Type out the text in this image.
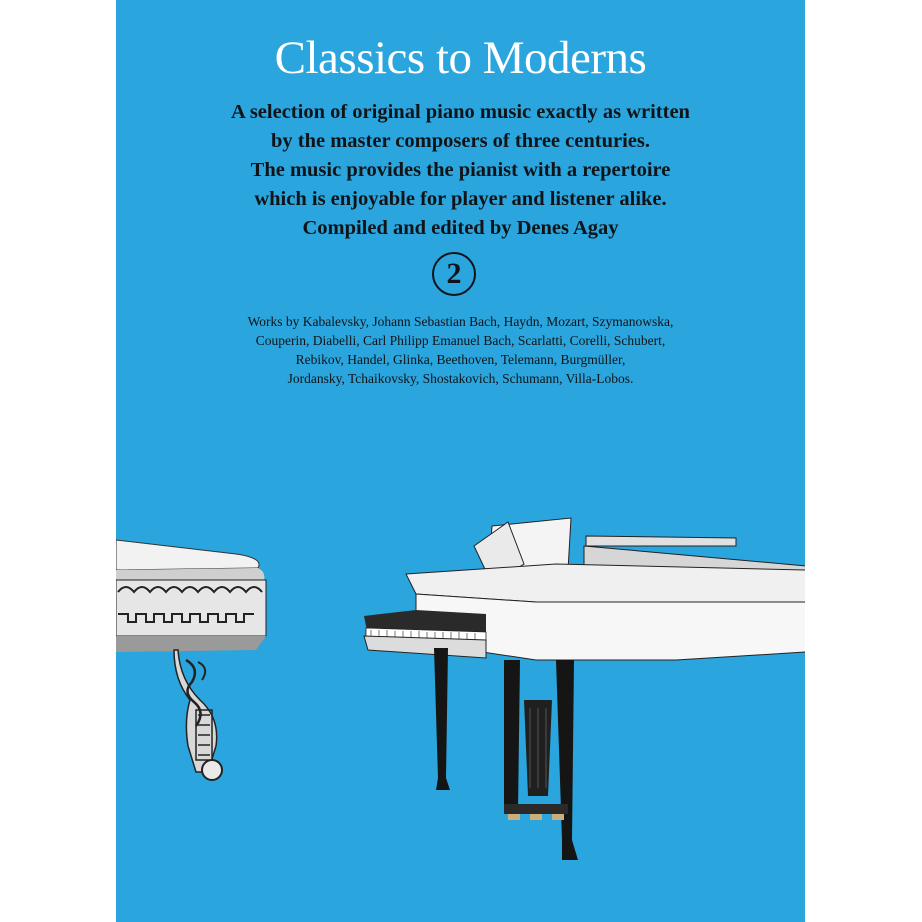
Classics to Moderns
A selection of original piano music exactly as written
by the master composers of three centuries.
The music provides the pianist with a repertoire
which is enjoyable for player and listener alike.
Compiled and edited by Denes Agay
2
Works by Kabalevsky, Johann Sebastian Bach, Haydn, Mozart, Szymanowska,
Couperin, Diabelli, Carl Philipp Emanuel Bach, Scarlatti, Corelli, Schubert,
Rebikov, Handel, Glinka, Beethoven, Telemann, Burgmüller,
Jordansky, Tchaikovsky, Shostakovich, Schumann, Villa-Lobos.
